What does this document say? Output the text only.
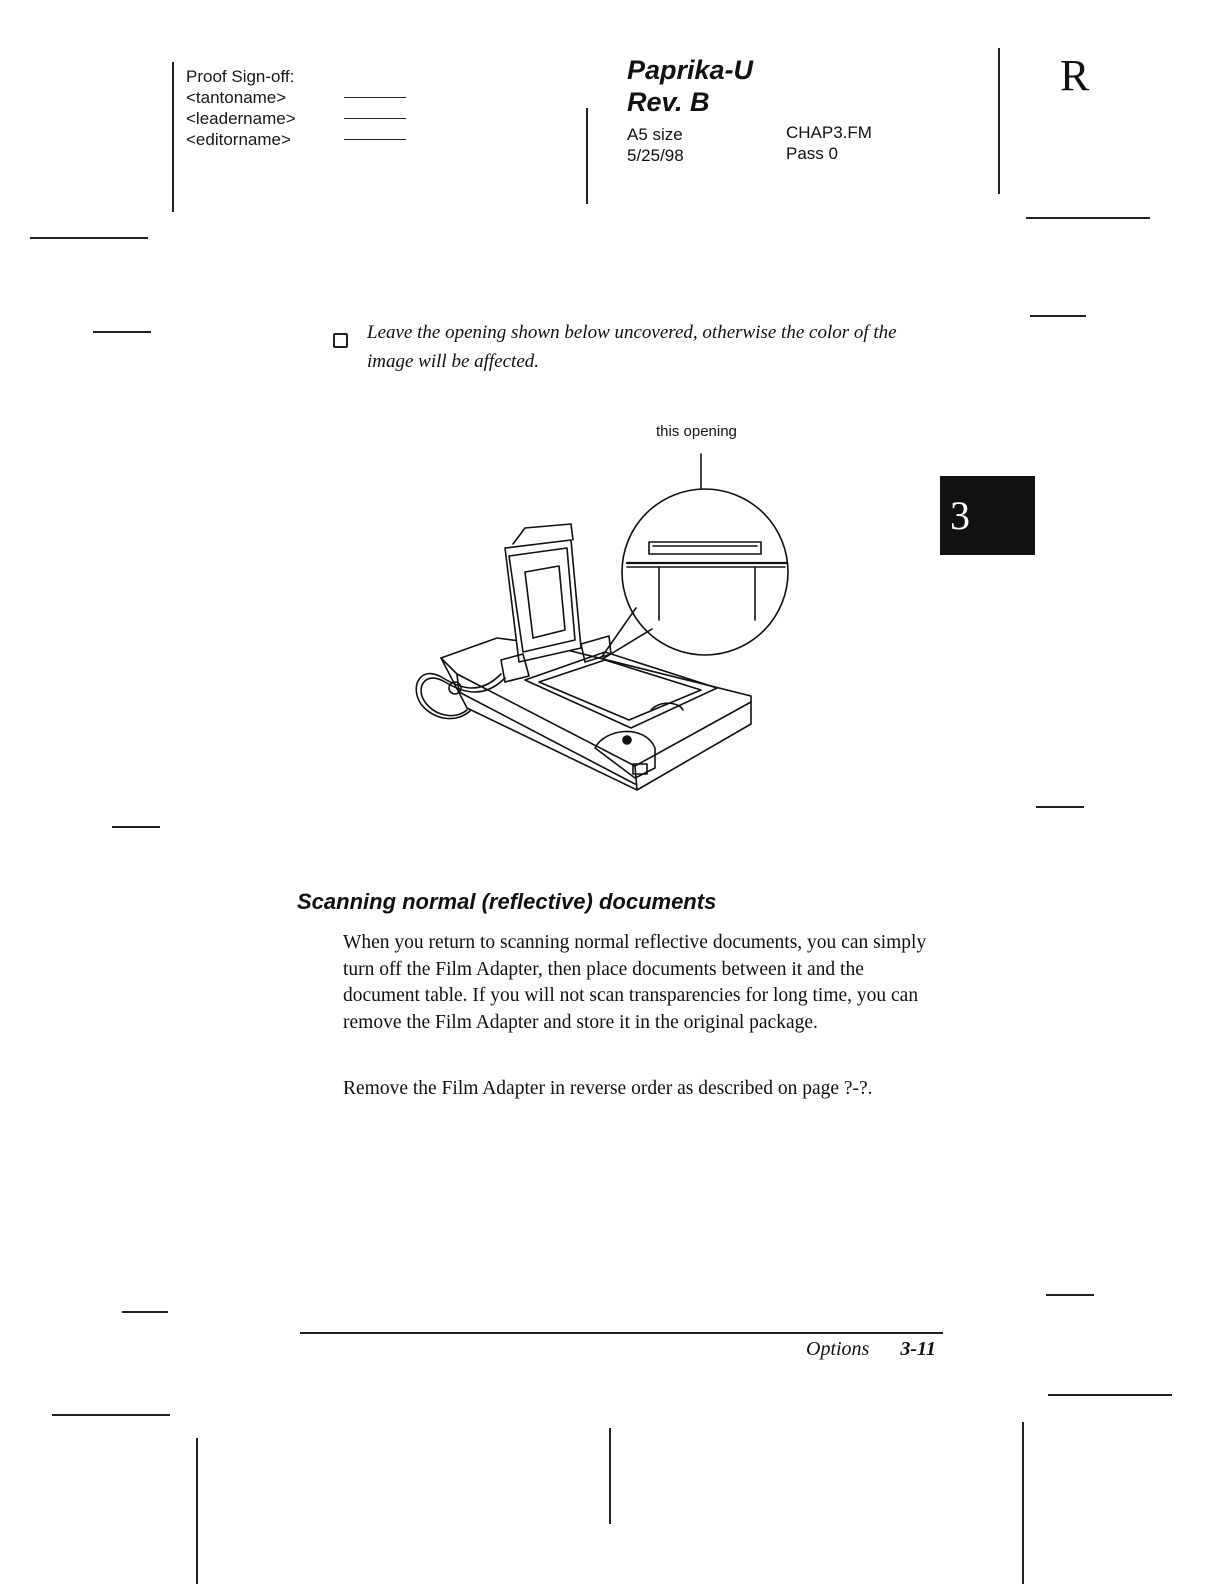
Proof Sign-off:
<tantoname>
<leadername>
<editorname>
Paprika-U
Rev. B
A5 size
5/25/98
CHAP3.FM
Pass 0
R
3
Leave the opening shown below uncovered, otherwise the color of the image will be affected.
this opening
Scanning normal (reflective) documents
When you return to scanning normal reflective documents, you can simply turn off the Film Adapter, then place documents between it and the document table. If you will not scan transparencies for long time, you can remove the Film Adapter and store it in the original package.
Remove the Film Adapter in reverse order as described on page ?-?.
Options 3-11
